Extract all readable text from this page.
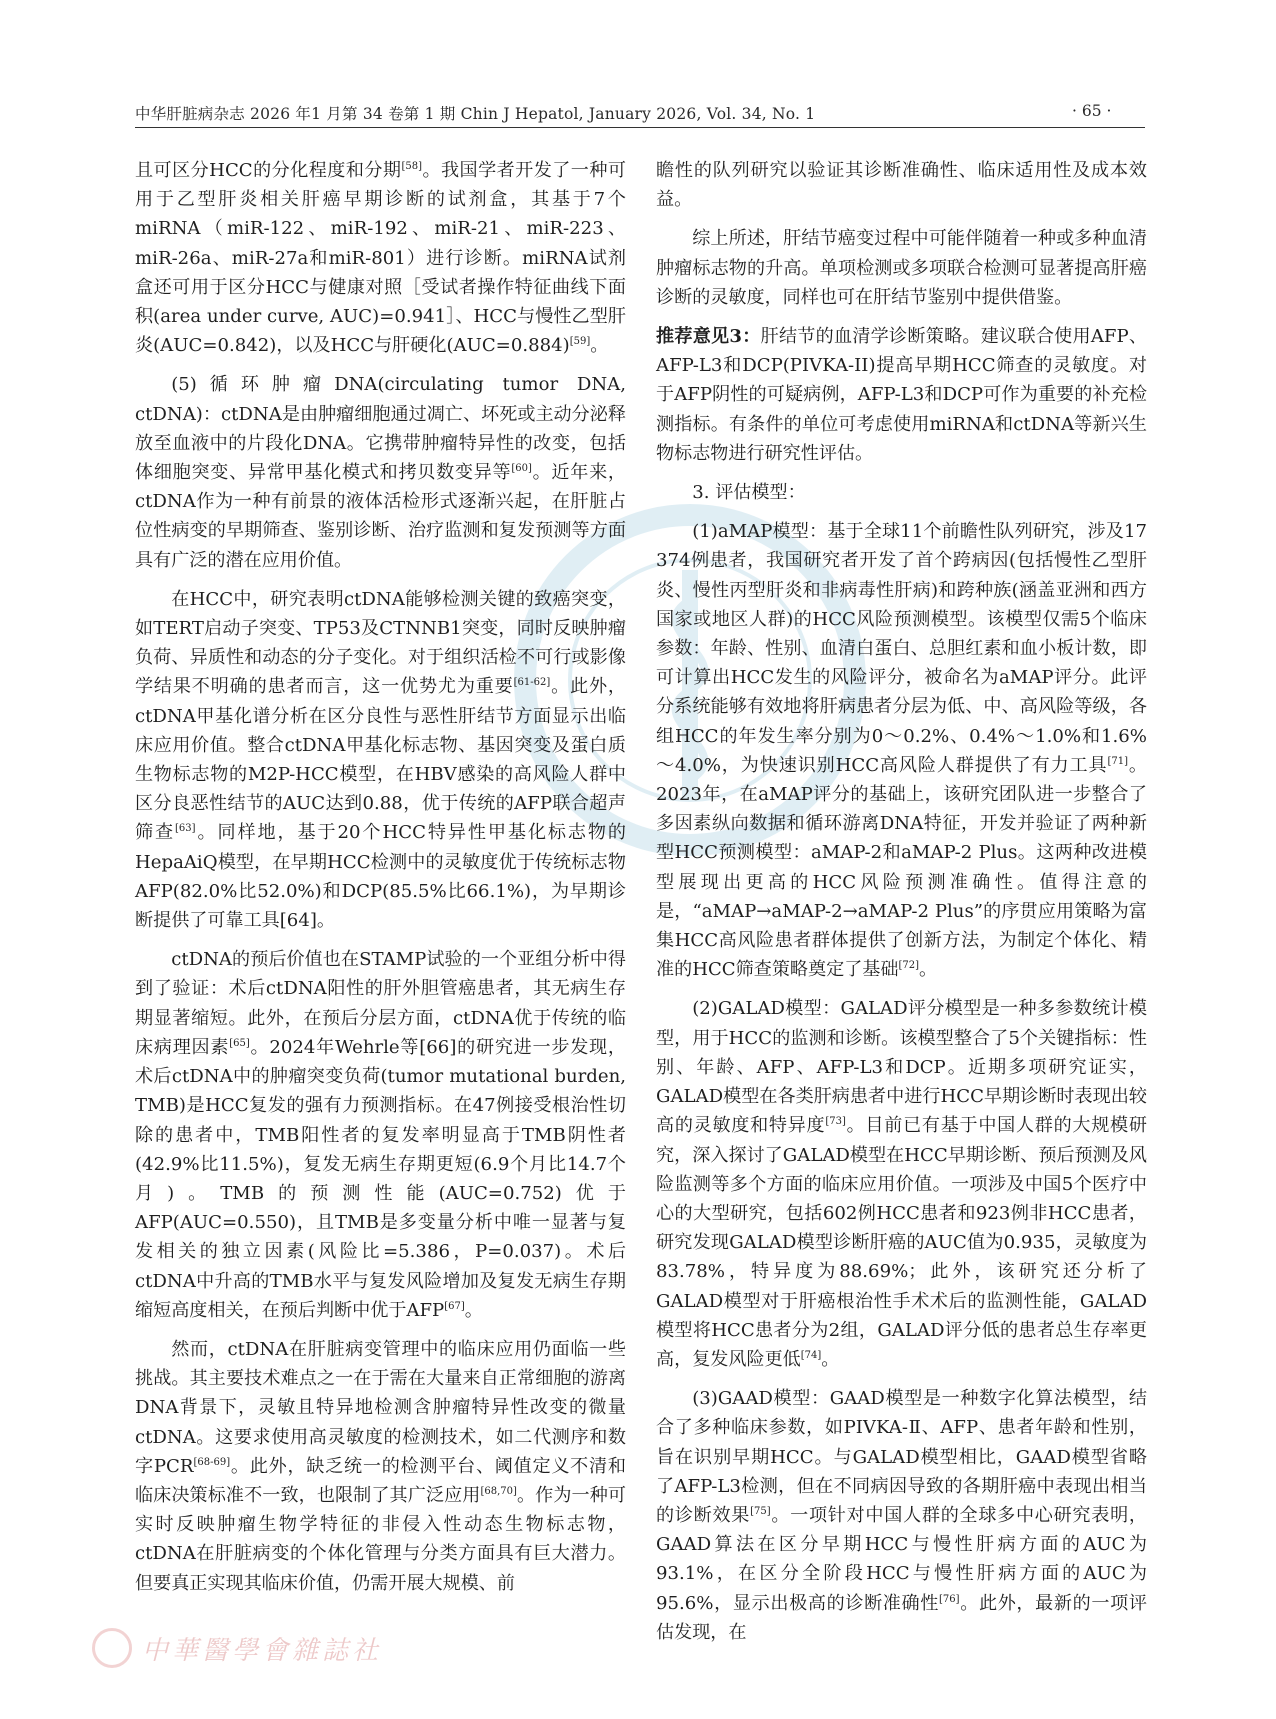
中华肝脏病杂志 2026 年1 月第 34 卷第 1 期 Chin J Hepatol, January 2026, Vol. 34, No. 1	· 65 ·

且可区分HCC的分化程度和分期[58]。我国学者开发了一种可用于乙型肝炎相关肝癌早期诊断的试剂盒，其基于7个miRNA（miR-122、miR-192、miR-21、miR-223、miR-26a、miR-27a和miR-801）进行诊断。miRNA试剂盒还可用于区分HCC与健康对照［受试者操作特征曲线下面积(area under curve, AUC)=0.941］、HCC与慢性乙型肝炎(AUC=0.842)，以及HCC与肝硬化(AUC=0.884)[59]。

(5)循环肿瘤DNA(circulating tumor DNA, ctDNA)：ctDNA是由肿瘤细胞通过凋亡、坏死或主动分泌释放至血液中的片段化DNA。它携带肿瘤特异性的改变，包括体细胞突变、异常甲基化模式和拷贝数变异等[60]。近年来，ctDNA作为一种有前景的液体活检形式逐渐兴起，在肝脏占位性病变的早期筛查、鉴别诊断、治疗监测和复发预测等方面具有广泛的潜在应用价值。

在HCC中，研究表明ctDNA能够检测关键的致癌突变，如TERT启动子突变、TP53及CTNNB1突变，同时反映肿瘤负荷、异质性和动态的分子变化。对于组织活检不可行或影像学结果不明确的患者而言，这一优势尤为重要[61-62]。此外，ctDNA甲基化谱分析在区分良性与恶性肝结节方面显示出临床应用价值。整合ctDNA甲基化标志物、基因突变及蛋白质生物标志物的M2P-HCC模型，在HBV感染的高风险人群中区分良恶性结节的AUC达到0.88，优于传统的AFP联合超声筛查[63]。同样地，基于20个HCC特异性甲基化标志物的HepaAiQ模型，在早期HCC检测中的灵敏度优于传统标志物AFP(82.0%比52.0%)和DCP(85.5%比66.1%)，为早期诊断提供了可靠工具[64]。

ctDNA的预后价值也在STAMP试验的一个亚组分析中得到了验证：术后ctDNA阳性的肝外胆管癌患者，其无病生存期显著缩短。此外，在预后分层方面，ctDNA优于传统的临床病理因素[65]。2024年Wehrle等[66]的研究进一步发现，术后ctDNA中的肿瘤突变负荷(tumor mutational burden, TMB)是HCC复发的强有力预测指标。在47例接受根治性切除的患者中，TMB阳性者的复发率明显高于TMB阴性者(42.9%比11.5%)，复发无病生存期更短(6.9个月比14.7个月)。TMB的预测性能(AUC=0.752)优于AFP(AUC=0.550)，且TMB是多变量分析中唯一显著与复发相关的独立因素(风险比=5.386，P=0.037)。术后ctDNA中升高的TMB水平与复发风险增加及复发无病生存期缩短高度相关，在预后判断中优于AFP[67]。

然而，ctDNA在肝脏病变管理中的临床应用仍面临一些挑战。其主要技术难点之一在于需在大量来自正常细胞的游离DNA背景下，灵敏且特异地检测含肿瘤特异性改变的微量ctDNA。这要求使用高灵敏度的检测技术，如二代测序和数字PCR[68-69]。此外，缺乏统一的检测平台、阈值定义不清和临床决策标准不一致，也限制了其广泛应用[68,70]。作为一种可实时反映肿瘤生物学特征的非侵入性动态生物标志物，ctDNA在肝脏病变的个体化管理与分类方面具有巨大潜力。但要真正实现其临床价值，仍需开展大规模、前

瞻性的队列研究以验证其诊断准确性、临床适用性及成本效益。

综上所述，肝结节癌变过程中可能伴随着一种或多种血清肿瘤标志物的升高。单项检测或多项联合检测可显著提高肝癌诊断的灵敏度，同样也可在肝结节鉴别中提供借鉴。

推荐意见3：肝结节的血清学诊断策略。建议联合使用AFP、AFP-L3和DCP(PIVKA-II)提高早期HCC筛查的灵敏度。对于AFP阴性的可疑病例，AFP-L3和DCP可作为重要的补充检测指标。有条件的单位可考虑使用miRNA和ctDNA等新兴生物标志物进行研究性评估。

3. 评估模型：

(1)aMAP模型：基于全球11个前瞻性队列研究，涉及17 374例患者，我国研究者开发了首个跨病因(包括慢性乙型肝炎、慢性丙型肝炎和非病毒性肝病)和跨种族(涵盖亚洲和西方国家或地区人群)的HCC风险预测模型。该模型仅需5个临床参数：年龄、性别、血清白蛋白、总胆红素和血小板计数，即可计算出HCC发生的风险评分，被命名为aMAP评分。此评分系统能够有效地将肝病患者分层为低、中、高风险等级，各组HCC的年发生率分别为0～0.2%、0.4%～1.0%和1.6%～4.0%，为快速识别HCC高风险人群提供了有力工具[71]。2023年，在aMAP评分的基础上，该研究团队进一步整合了多因素纵向数据和循环游离DNA特征，开发并验证了两种新型HCC预测模型：aMAP-2和aMAP-2 Plus。这两种改进模型展现出更高的HCC风险预测准确性。值得注意的是，“aMAP→aMAP-2→aMAP-2 Plus”的序贯应用策略为富集HCC高风险患者群体提供了创新方法，为制定个体化、精准的HCC筛查策略奠定了基础[72]。

(2)GALAD模型：GALAD评分模型是一种多参数统计模型，用于HCC的监测和诊断。该模型整合了5个关键指标：性别、年龄、AFP、AFP-L3和DCP。近期多项研究证实，GALAD模型在各类肝病患者中进行HCC早期诊断时表现出较高的灵敏度和特异度[73]。目前已有基于中国人群的大规模研究，深入探讨了GALAD模型在HCC早期诊断、预后预测及风险监测等多个方面的临床应用价值。一项涉及中国5个医疗中心的大型研究，包括602例HCC患者和923例非HCC患者，研究发现GALAD模型诊断肝癌的AUC值为0.935，灵敏度为83.78%，特异度为88.69%；此外，该研究还分析了GALAD模型对于肝癌根治性手术术后的监测性能，GALAD模型将HCC患者分为2组，GALAD评分低的患者总生存率更高，复发风险更低[74]。

(3)GAAD模型：GAAD模型是一种数字化算法模型，结合了多种临床参数，如PIVKA-Ⅱ、AFP、患者年龄和性别，旨在识别早期HCC。与GALAD模型相比，GAAD模型省略了AFP-L3检测，但在不同病因导致的各期肝癌中表现出相当的诊断效果[75]。一项针对中国人群的全球多中心研究表明，GAAD算法在区分早期HCC与慢性肝病方面的AUC为93.1%，在区分全阶段HCC与慢性肝病方面的AUC为95.6%，显示出极高的诊断准确性[76]。此外，最新的一项评估发现，在

中華醫學會雜誌社
